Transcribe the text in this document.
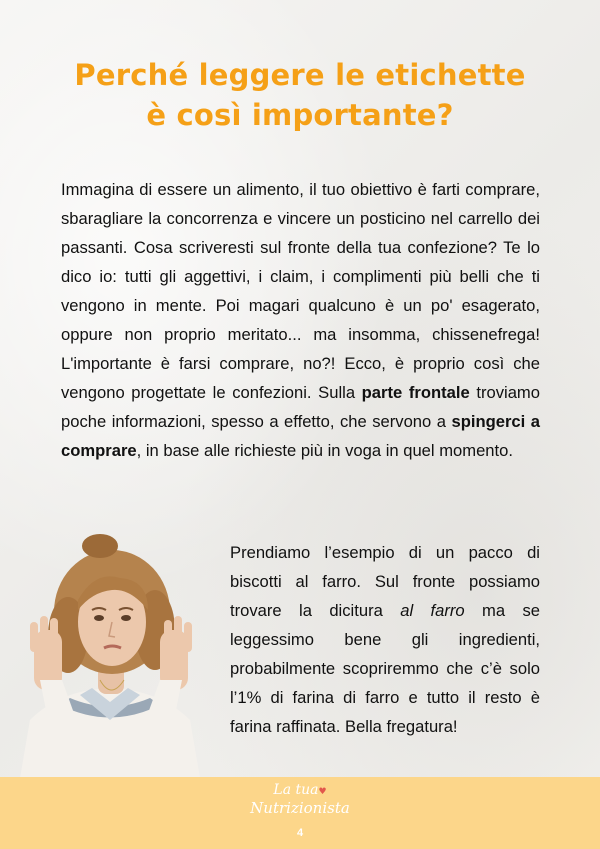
Perché leggere le etichette
è così importante?
Immagina di essere un alimento, il tuo obiettivo è farti comprare, sbaragliare la concorrenza e vincere un posticino nel carrello dei passanti. Cosa scriveresti sul fronte della tua confezione? Te lo dico io: tutti gli aggettivi, i claim, i complimenti più belli che ti vengono in mente. Poi magari qualcuno è un po' esagerato, oppure non proprio meritato... ma insomma, chissenefrega! L'importante è farsi comprare, no?! Ecco, è proprio così che vengono progettate le confezioni. Sulla parte frontale troviamo poche informazioni, spesso a effetto, che servono a spingerci a comprare, in base alle richieste più in voga in quel momento.
Prendiamo l’esempio di un pacco di biscotti al farro. Sul fronte possiamo trovare la dicitura al farro ma se leggessimo bene gli ingredienti, probabilmente scopriremmo che c’è solo l’1% di farina di farro e tutto il resto è farina raffinata. Bella fregatura!
La tua♥
Nutrizionista
4
